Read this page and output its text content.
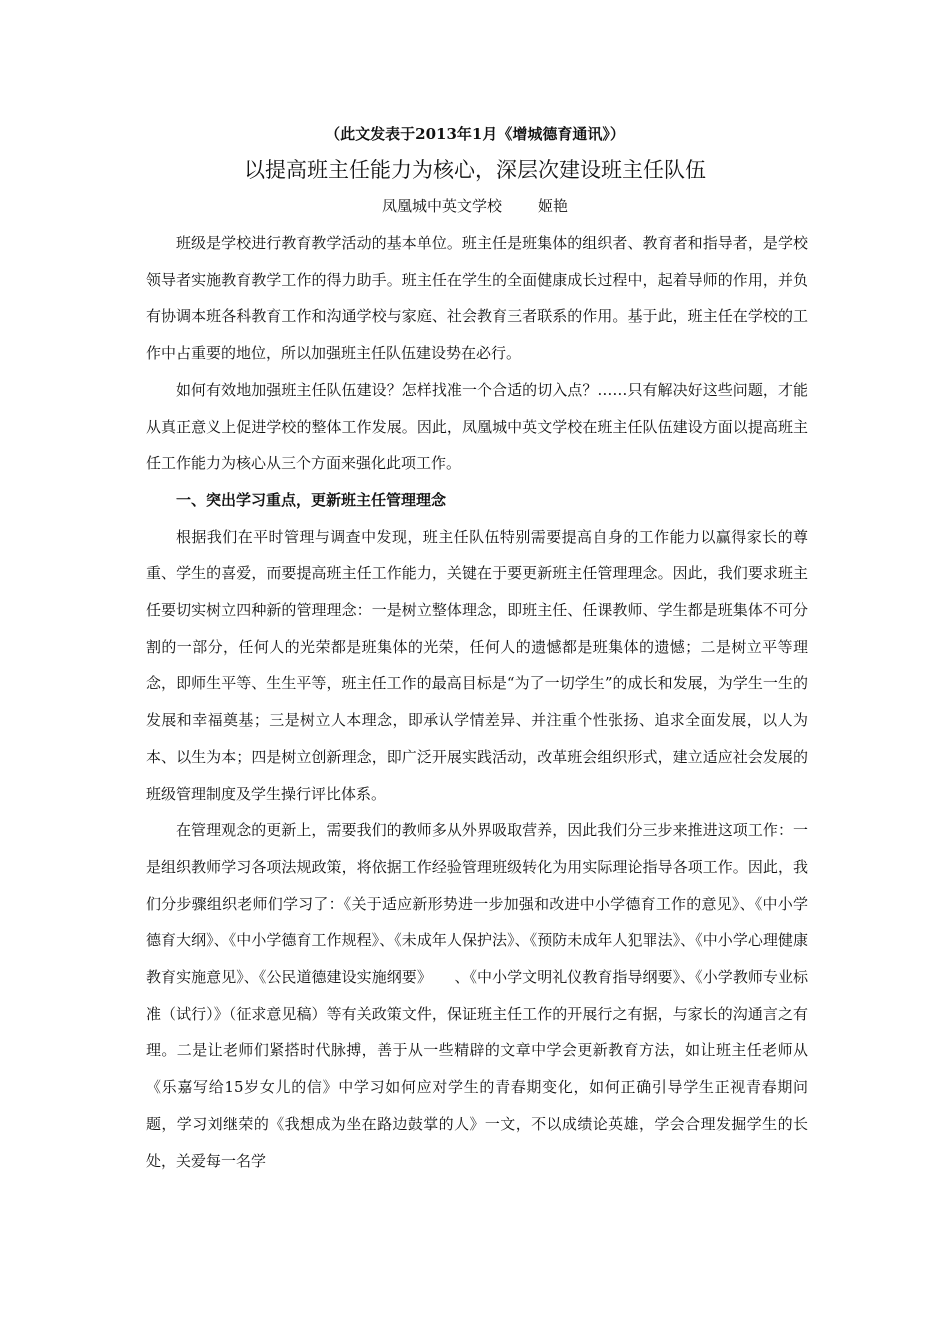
（此文发表于2013年1月《增城德育通讯》）
以提高班主任能力为核心，深层次建设班主任队伍
凤凰城中英文学校 姬艳

班级是学校进行教育教学活动的基本单位。班主任是班集体的组织者、教育者和指导者，是学校领导者实施教育教学工作的得力助手。班主任在学生的全面健康成长过程中，起着导师的作用，并负有协调本班各科教育工作和沟通学校与家庭、社会教育三者联系的作用。基于此，班主任在学校的工作中占重要的地位，所以加强班主任队伍建设势在必行。

如何有效地加强班主任队伍建设？怎样找准一个合适的切入点？……只有解决好这些问题，才能从真正意义上促进学校的整体工作发展。因此，凤凰城中英文学校在班主任队伍建设方面以提高班主任工作能力为核心从三个方面来强化此项工作。

一、突出学习重点，更新班主任管理理念

根据我们在平时管理与调查中发现，班主任队伍特别需要提高自身的工作能力以赢得家长的尊重、学生的喜爱，而要提高班主任工作能力，关键在于要更新班主任管理理念。因此，我们要求班主任要切实树立四种新的管理理念：一是树立整体理念，即班主任、任课教师、学生都是班集体不可分割的一部分，任何人的光荣都是班集体的光荣，任何人的遗憾都是班集体的遗憾；二是树立平等理念，即师生平等、生生平等，班主任工作的最高目标是“为了一切学生”的成长和发展，为学生一生的发展和幸福奠基；三是树立人本理念，即承认学情差异、并注重个性张扬、追求全面发展，以人为本、以生为本；四是树立创新理念，即广泛开展实践活动，改革班会组织形式，建立适应社会发展的班级管理制度及学生操行评比体系。

在管理观念的更新上，需要我们的教师多从外界吸取营养，因此我们分三步来推进这项工作：一是组织教师学习各项法规政策，将依据工作经验管理班级转化为用实际理论指导各项工作。因此，我们分步骤组织老师们学习了：《关于适应新形势进一步加强和改进中小学德育工作的意见》、《中小学德育大纲》、《中小学德育工作规程》、《未成年人保护法》、《预防未成年人犯罪法》、《中小学心理健康教育实施意见》、《公民道德建设实施纲要》　　、《中小学文明礼仪教育指导纲要》、《小学教师专业标准（试行）》（征求意见稿）等有关政策文件，保证班主任工作的开展行之有据，与家长的沟通言之有理。二是让老师们紧搭时代脉搏，善于从一些精辟的文章中学会更新教育方法，如让班主任老师从《乐嘉写给15岁女儿的信》中学习如何应对学生的青春期变化，如何正确引导学生正视青春期问题，学习刘继荣的《我想成为坐在路边鼓掌的人》一文，不以成绩论英雄，学会合理发掘学生的长处，关爱每一名学
